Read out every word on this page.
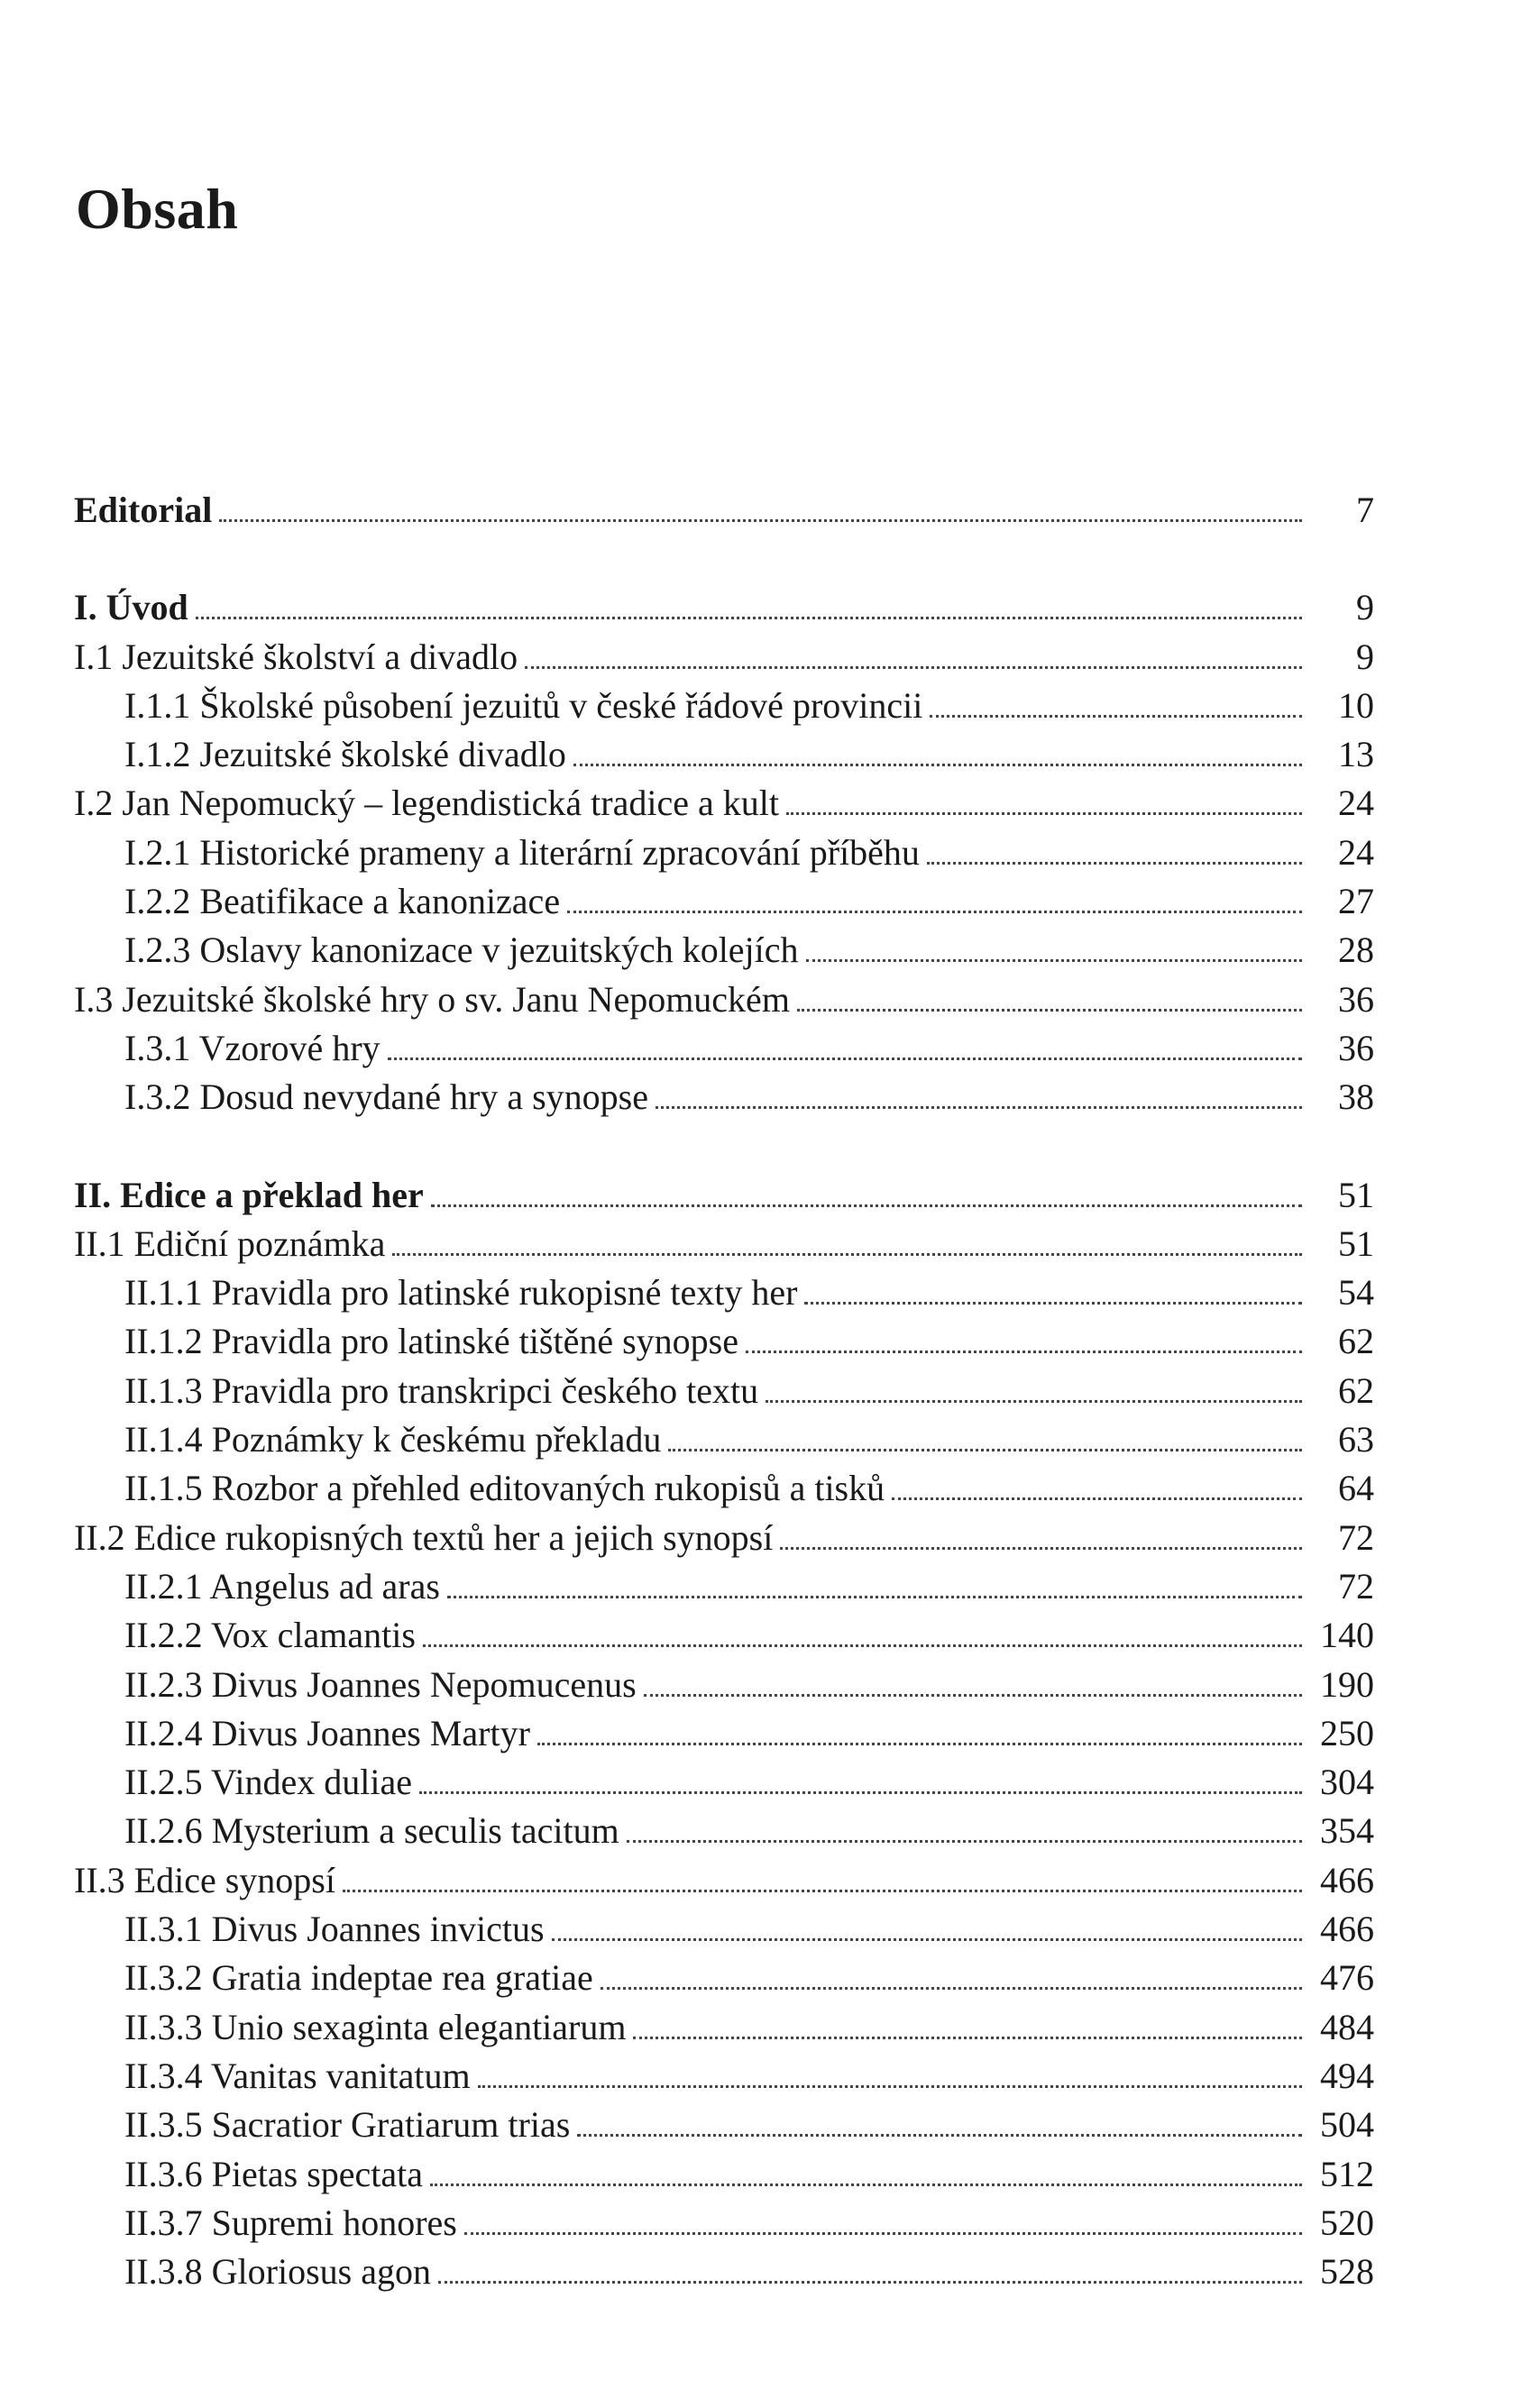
Obsah
Editorial	7
I. Úvod	9
I.1 Jezuitské školství a divadlo	9
I.1.1 Školské působení jezuitů v české řádové provincii	10
I.1.2 Jezuitské školské divadlo	13
I.2 Jan Nepomucký – legendistická tradice a kult	24
I.2.1 Historické prameny a literární zpracování příběhu	24
I.2.2 Beatifikace a kanonizace	27
I.2.3 Oslavy kanonizace v jezuitských kolejích	28
I.3 Jezuitské školské hry o sv. Janu Nepomuckém	36
I.3.1 Vzorové hry	36
I.3.2 Dosud nevydané hry a synopse	38
II. Edice a překlad her	51
II.1 Ediční poznámka	51
II.1.1 Pravidla pro latinské rukopisné texty her	54
II.1.2 Pravidla pro latinské tištěné synopse	62
II.1.3 Pravidla pro transkripci českého textu	62
II.1.4 Poznámky k českému překladu	63
II.1.5 Rozbor a přehled editovaných rukopisů a tisků	64
II.2 Edice rukopisných textů her a jejich synopsí	72
II.2.1 Angelus ad aras	72
II.2.2 Vox clamantis	140
II.2.3 Divus Joannes Nepomucenus	190
II.2.4 Divus Joannes Martyr	250
II.2.5 Vindex duliae	304
II.2.6 Mysterium a seculis tacitum	354
II.3 Edice synopsí	466
II.3.1 Divus Joannes invictus	466
II.3.2 Gratia indeptae rea gratiae	476
II.3.3 Unio sexaginta elegantiarum	484
II.3.4 Vanitas vanitatum	494
II.3.5 Sacratior Gratiarum trias	504
II.3.6 Pietas spectata	512
II.3.7 Supremi honores	520
II.3.8 Gloriosus agon	528
